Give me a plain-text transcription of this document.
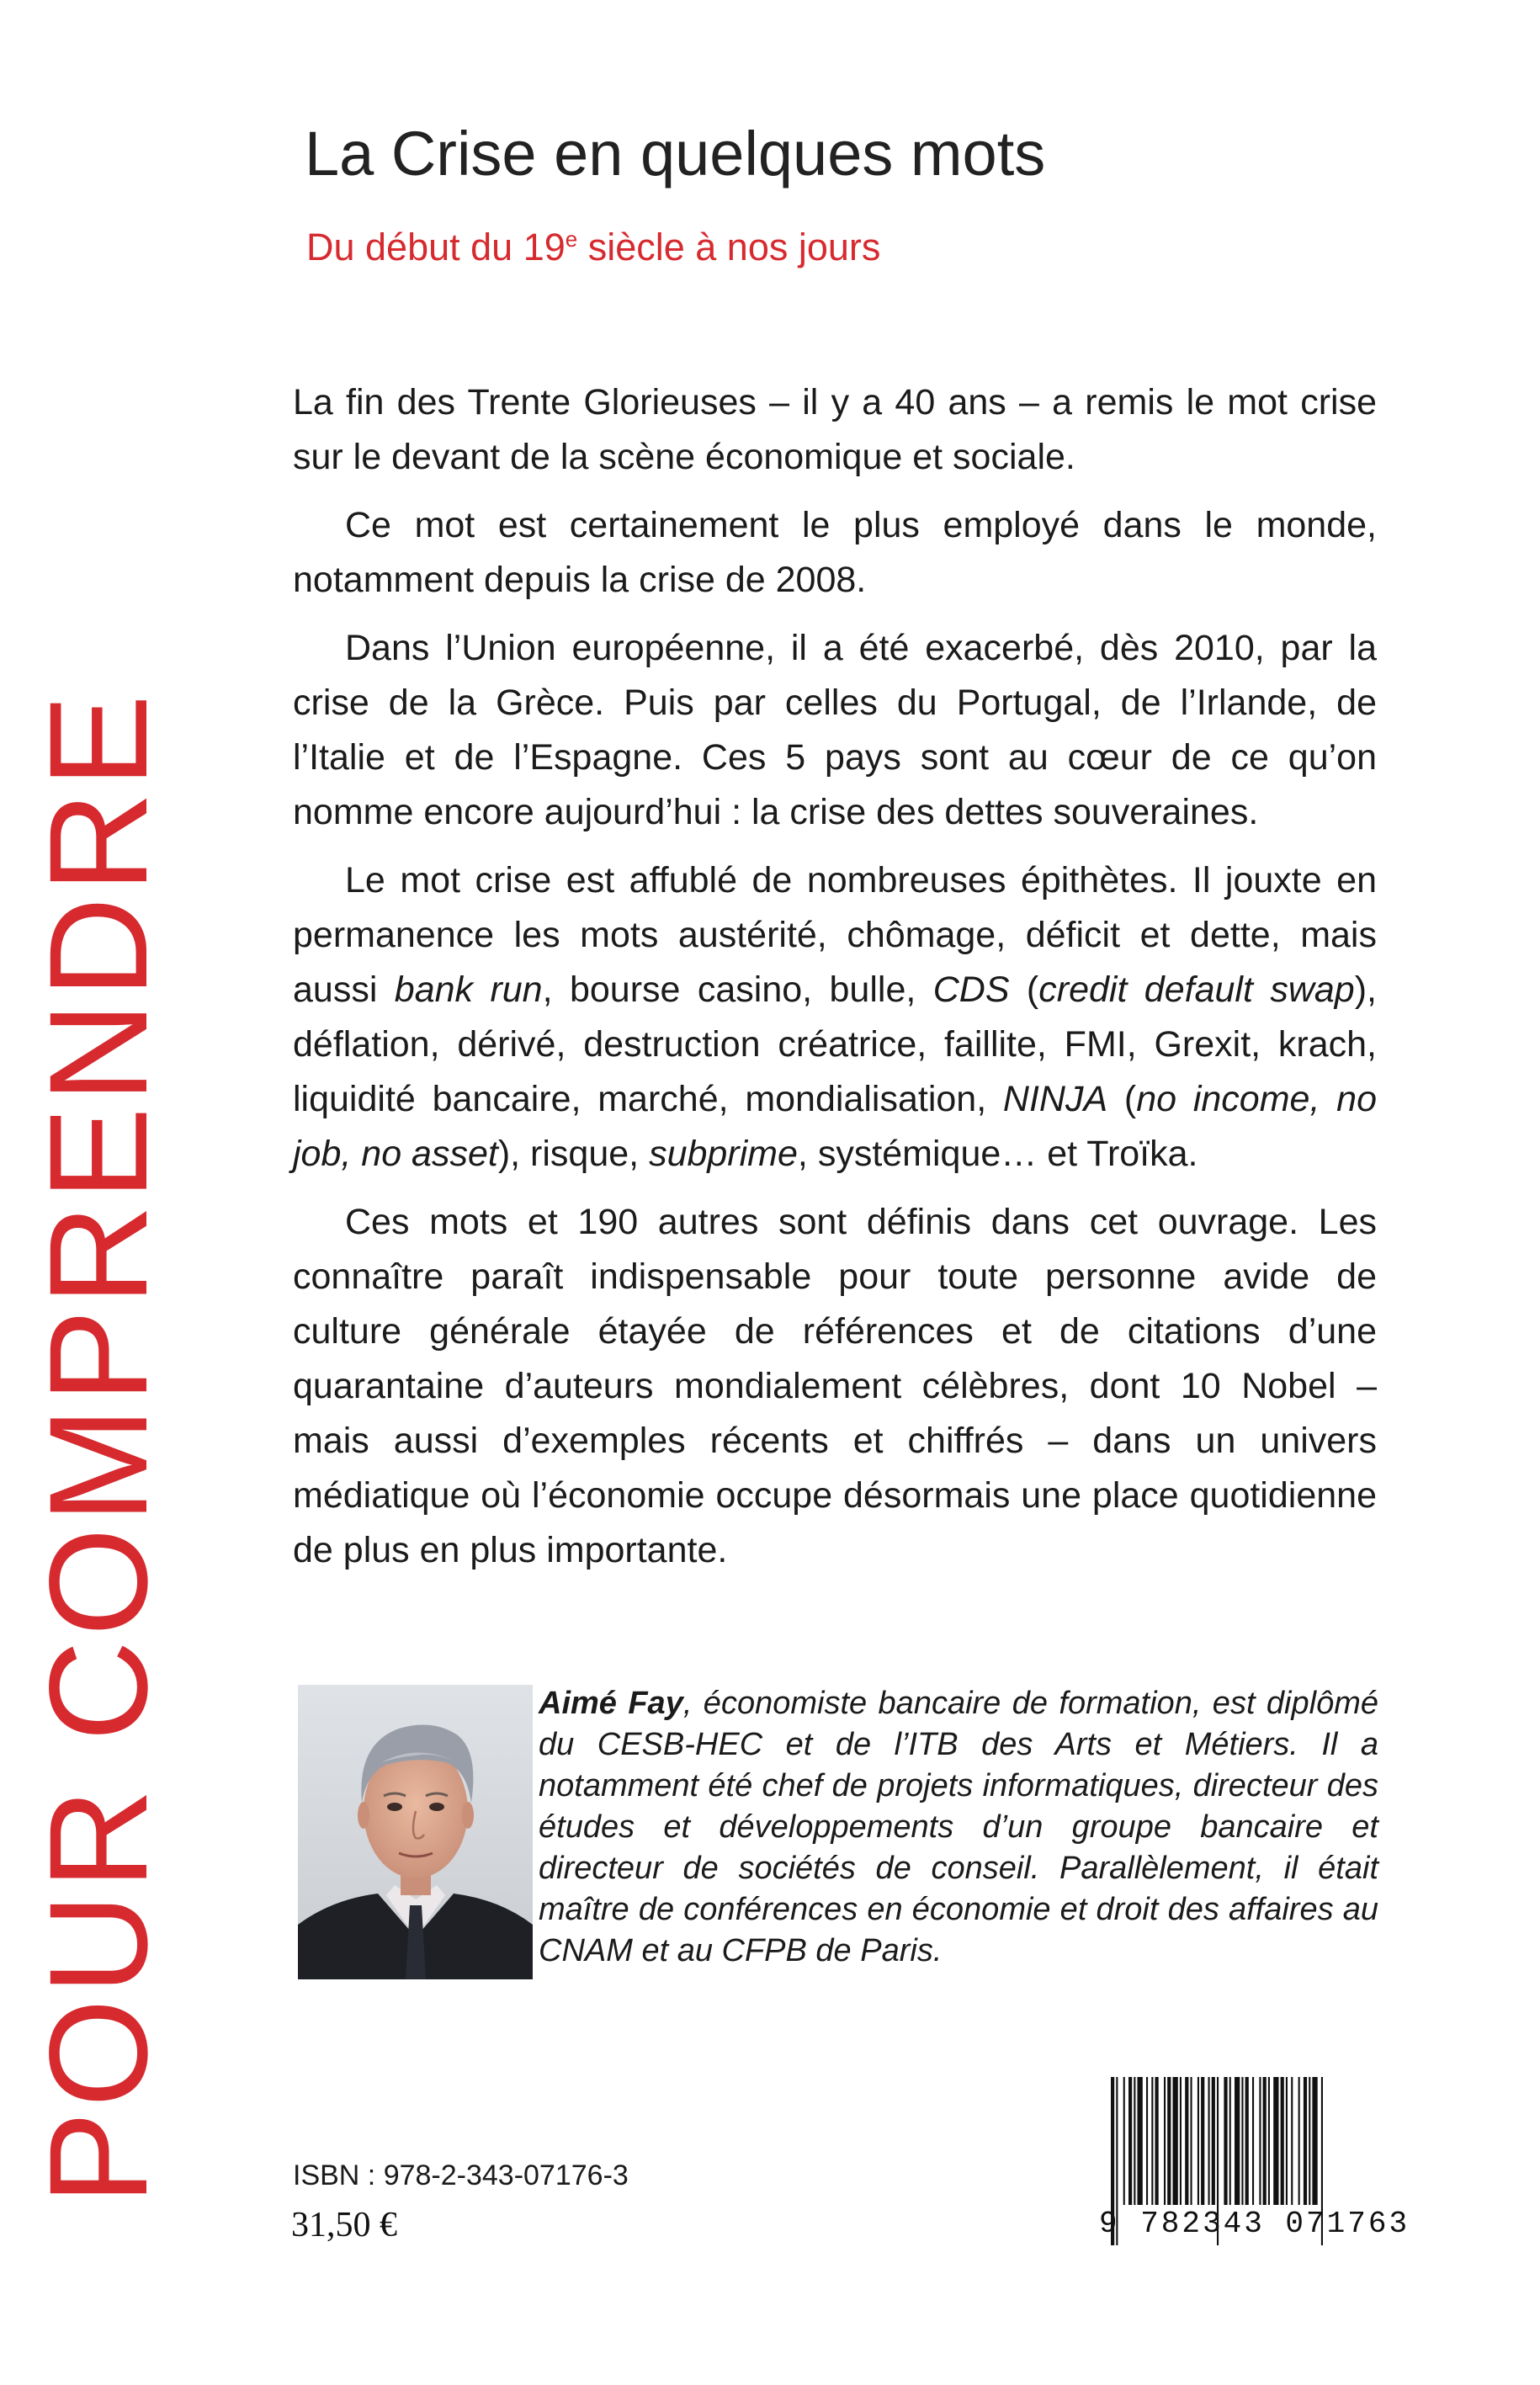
POUR COMPRENDRE
La Crise en quelques mots
Du début du 19e siècle à nos jours

La fin des Trente Glorieuses – il y a 40 ans – a remis le mot crise sur le devant de la scène économique et sociale.

Ce mot est certainement le plus employé dans le monde, notamment depuis la crise de 2008.

Dans l’Union européenne, il a été exacerbé, dès 2010, par la crise de la Grèce. Puis par celles du Portugal, de l’Irlande, de l’Italie et de l’Espagne. Ces 5 pays sont au cœur de ce qu’on nomme encore aujourd’hui : la crise des dettes souveraines.

Le mot crise est affublé de nombreuses épithètes. Il jouxte en permanence les mots austérité, chômage, déficit et dette, mais aussi bank run, bourse casino, bulle, CDS (credit default swap), déflation, dérivé, destruction créatrice, faillite, FMI, Grexit, krach, liquidité bancaire, marché, mondialisation, NINJA (no income, no job, no asset), risque, subprime, systémique… et Troïka.

Ces mots et 190 autres sont définis dans cet ouvrage. Les connaître paraît indispensable pour toute personne avide de culture générale étayée de références et de citations d’une quarantaine d’auteurs mondialement célèbres, dont 10 Nobel – mais aussi d’exemples récents et chiffrés – dans un univers médiatique où l’économie occupe désormais une place quotidienne de plus en plus importante.

Aimé Fay, économiste bancaire de formation, est diplômé du CESB-HEC et de l’ITB des Arts et Métiers. Il a notamment été chef de projets informatiques, directeur des études et développements d’un groupe bancaire et directeur de sociétés de conseil. Parallèlement, il était maître de conférences en économie et droit des affaires au CNAM et au CFPB de Paris.
ISBN : 978-2-343-07176-3
31,50 €	9 782343 071763
